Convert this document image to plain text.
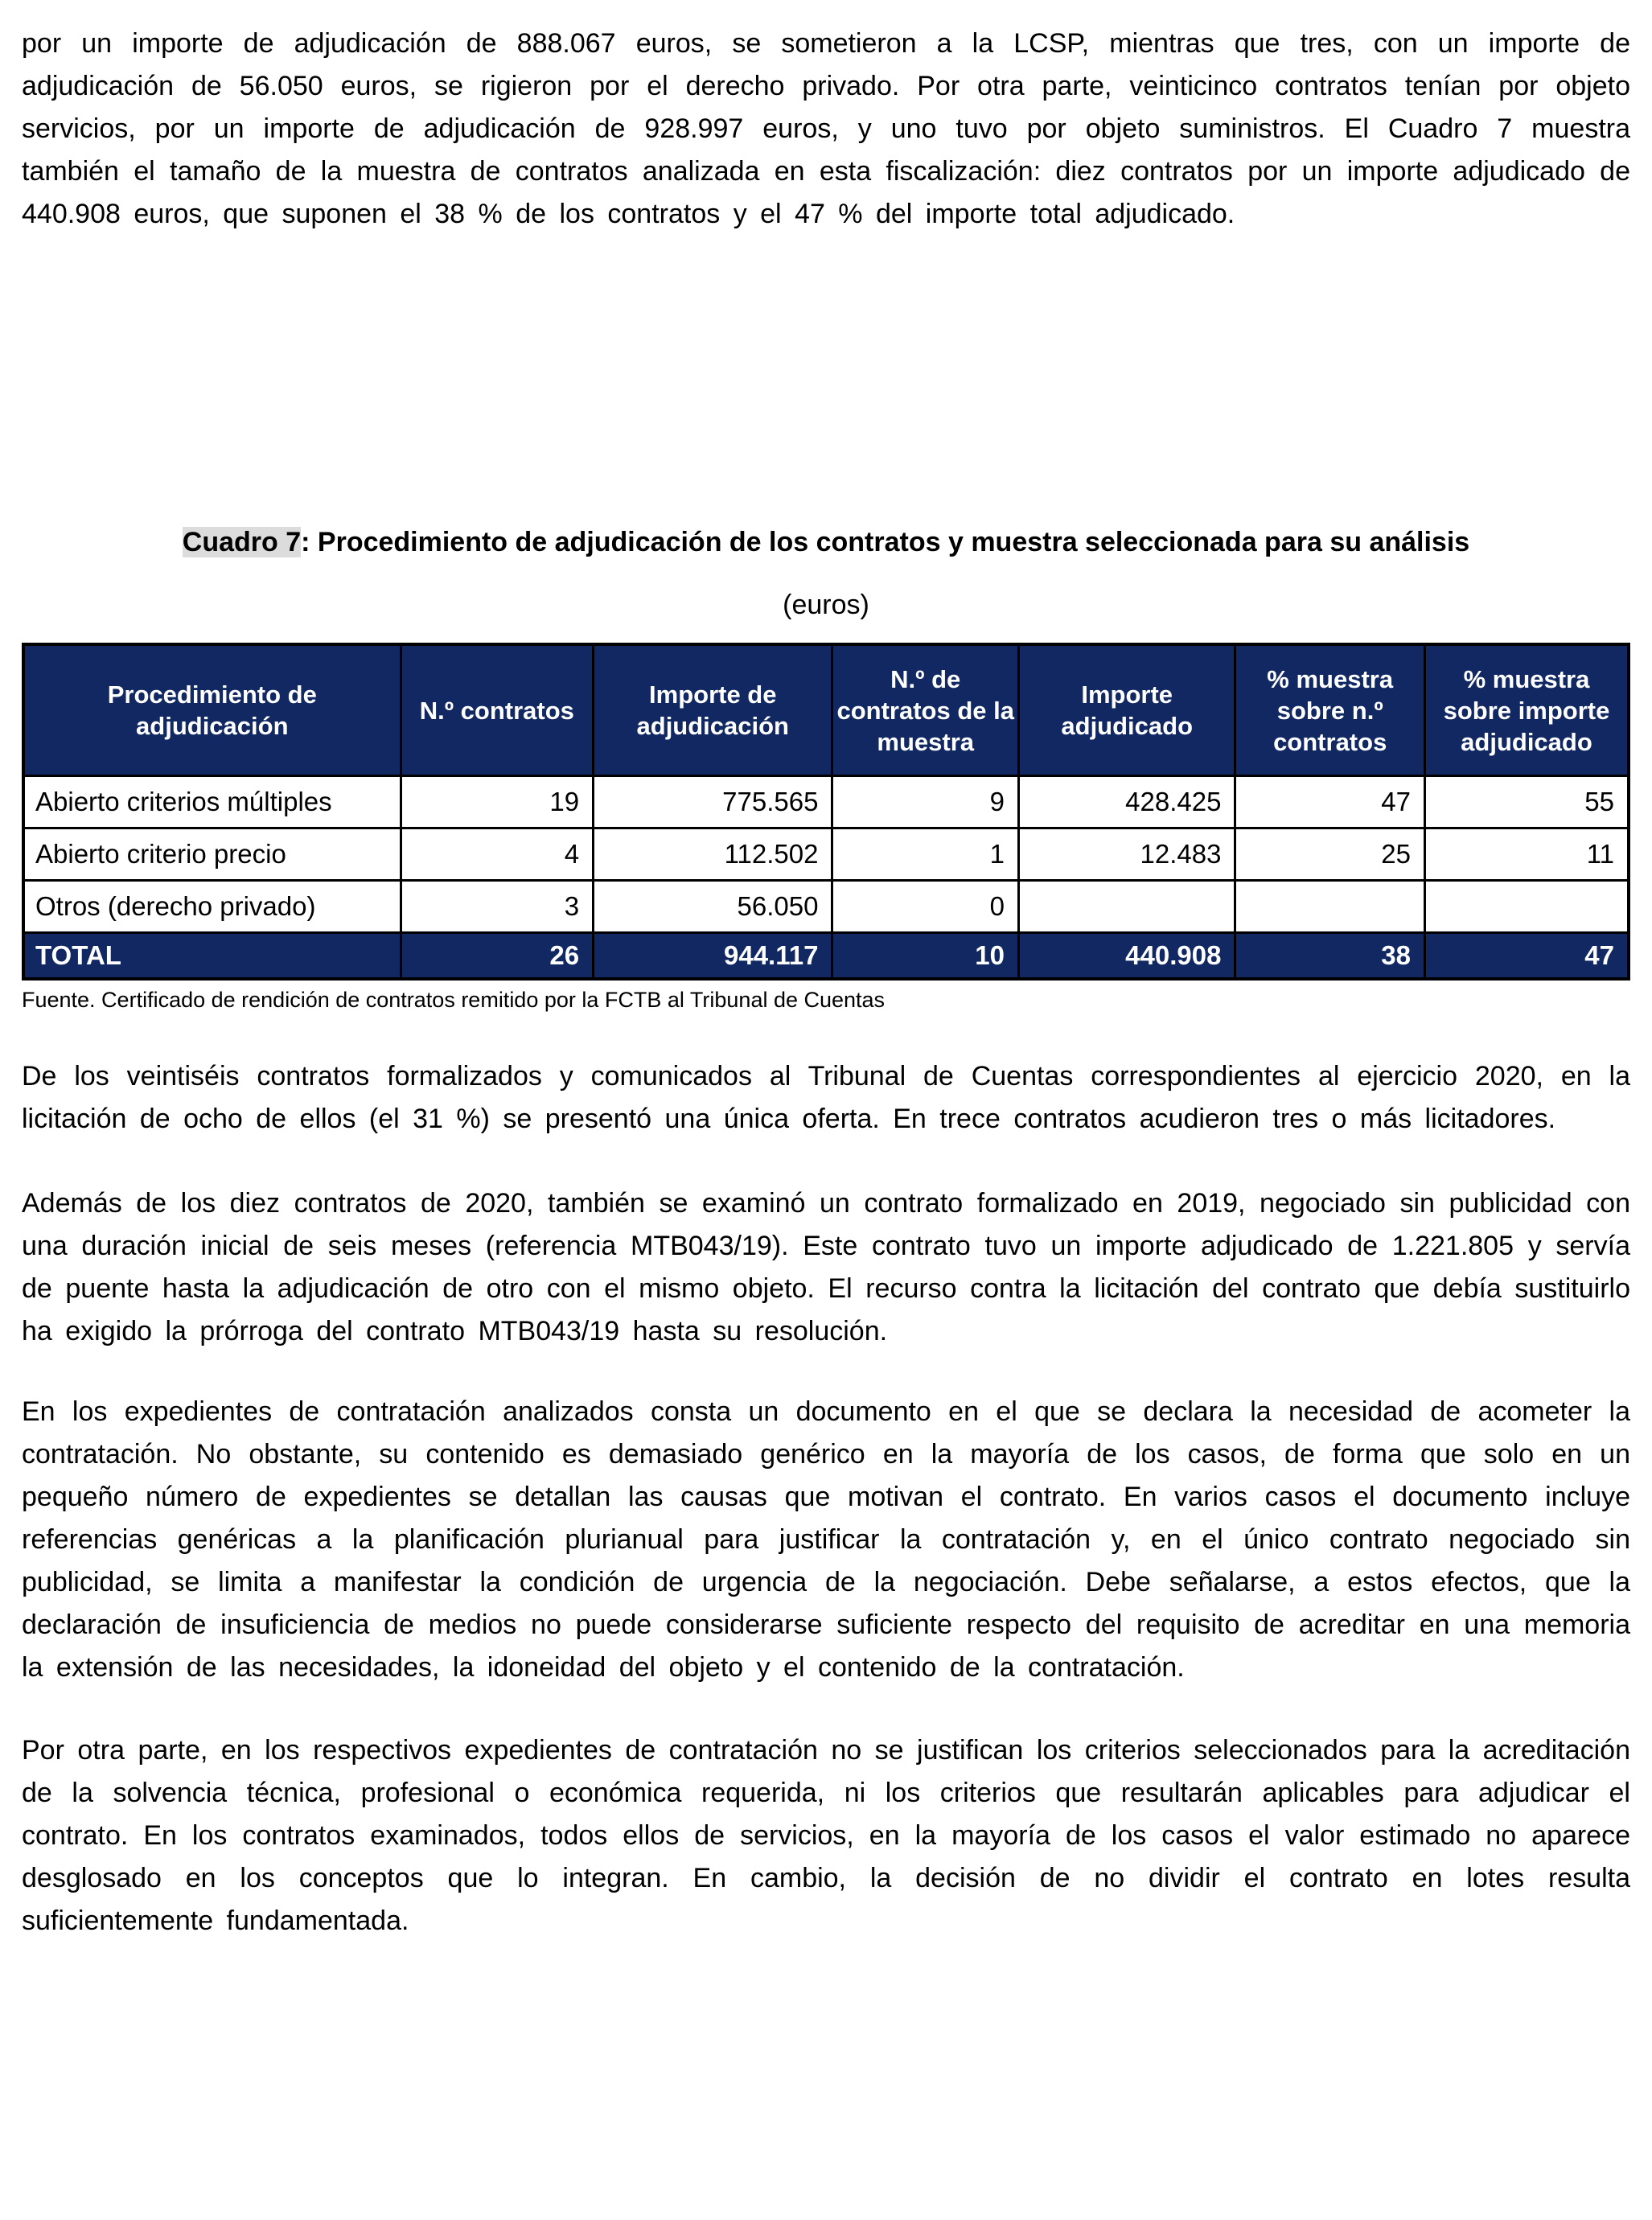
por un importe de adjudicación de 888.067 euros, se sometieron a la LCSP, mientras que tres, con un importe de adjudicación de 56.050 euros, se rigieron por el derecho privado. Por otra parte, veinticinco contratos tenían por objeto servicios, por un importe de adjudicación de 928.997 euros, y uno tuvo por objeto suministros. El Cuadro 7 muestra también el tamaño de la muestra de contratos analizada en esta fiscalización: diez contratos por un importe adjudicado de 440.908 euros, que suponen el 38 % de los contratos y el 47 % del importe total adjudicado.

Cuadro 7: Procedimiento de adjudicación de los contratos y muestra seleccionada para su análisis
(euros)
Procedimiento de adjudicación	N.º contratos	Importe de adjudicación	N.º de contratos de la muestra	Importe adjudicado	% muestra sobre n.º contratos	% muestra sobre importe adjudicado
Abierto criterios múltiples	19	775.565	9	428.425	47	55
Abierto criterio precio	4	112.502	1	12.483	25	11
Otros (derecho privado)	3	56.050	0			
TOTAL	26	944.117	10	440.908	38	47
Fuente. Certificado de rendición de contratos remitido por la FCTB al Tribunal de Cuentas

De los veintiséis contratos formalizados y comunicados al Tribunal de Cuentas correspondientes al ejercicio 2020, en la licitación de ocho de ellos (el 31 %) se presentó una única oferta. En trece contratos acudieron tres o más licitadores.

Además de los diez contratos de 2020, también se examinó un contrato formalizado en 2019, negociado sin publicidad con una duración inicial de seis meses (referencia MTB043/19). Este contrato tuvo un importe adjudicado de 1.221.805 y servía de puente hasta la adjudicación de otro con el mismo objeto. El recurso contra la licitación del contrato que debía sustituirlo ha exigido la prórroga del contrato MTB043/19 hasta su resolución.

En los expedientes de contratación analizados consta un documento en el que se declara la necesidad de acometer la contratación. No obstante, su contenido es demasiado genérico en la mayoría de los casos, de forma que solo en un pequeño número de expedientes se detallan las causas que motivan el contrato. En varios casos el documento incluye referencias genéricas a la planificación plurianual para justificar la contratación y, en el único contrato negociado sin publicidad, se limita a manifestar la condición de urgencia de la negociación. Debe señalarse, a estos efectos, que la declaración de insuficiencia de medios no puede considerarse suficiente respecto del requisito de acreditar en una memoria la extensión de las necesidades, la idoneidad del objeto y el contenido de la contratación.

Por otra parte, en los respectivos expedientes de contratación no se justifican los criterios seleccionados para la acreditación de la solvencia técnica, profesional o económica requerida, ni los criterios que resultarán aplicables para adjudicar el contrato. En los contratos examinados, todos ellos de servicios, en la mayoría de los casos el valor estimado no aparece desglosado en los conceptos que lo integran. En cambio, la decisión de no dividir el contrato en lotes resulta suficientemente fundamentada.
